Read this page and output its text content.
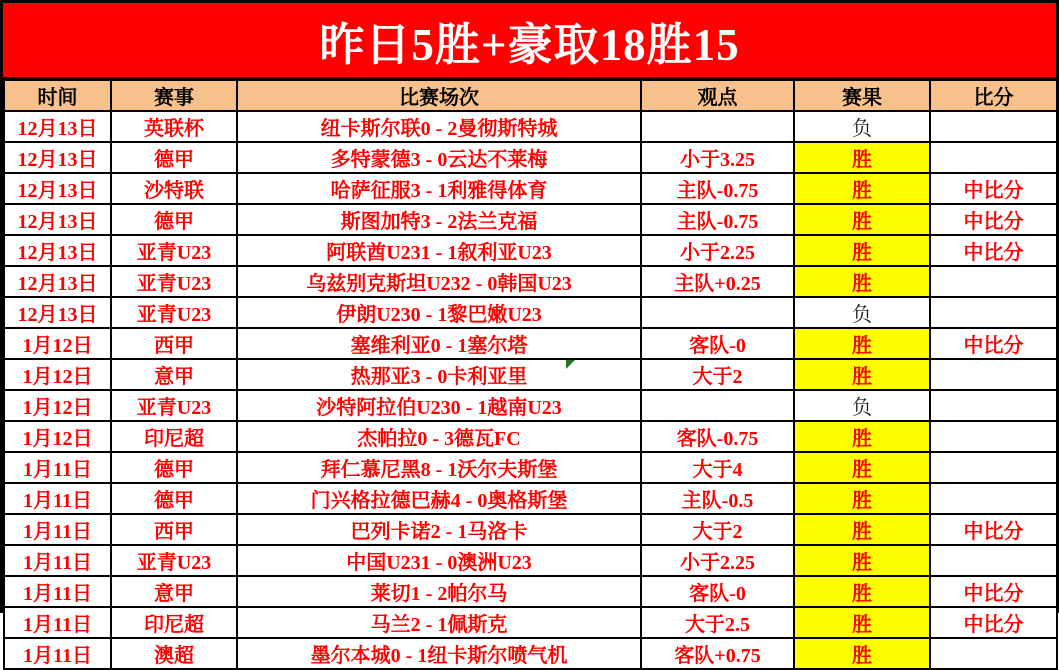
昨日5胜+豪取18胜15
时间	赛事	比赛场次	观点	赛果	比分
12月13日	英联杯	纽卡斯尔联0 - 2曼彻斯特城		负	
12月13日	德甲	多特蒙德3 - 0云达不莱梅	小于3.25	胜	
12月13日	沙特联	哈萨征服3 - 1利雅得体育	主队-0.75	胜	中比分
12月13日	德甲	斯图加特3 - 2法兰克福	主队-0.75	胜	中比分
12月13日	亚青U23	阿联酋U231 - 1叙利亚U23	小于2.25	胜	中比分
12月13日	亚青U23	乌兹别克斯坦U232 - 0韩国U23	主队+0.25	胜	
12月13日	亚青U23	伊朗U230 - 1黎巴嫩U23		负	
1月12日	西甲	塞维利亚0 - 1塞尔塔	客队-0	胜	中比分
1月12日	意甲	热那亚3 - 0卡利亚里	大于2	胜	
1月12日	亚青U23	沙特阿拉伯U230 - 1越南U23		负	
1月12日	印尼超	杰帕拉0 - 3德瓦FC	客队-0.75	胜	
1月11日	德甲	拜仁慕尼黑8 - 1沃尔夫斯堡	大于4	胜	
1月11日	德甲	门兴格拉德巴赫4 - 0奥格斯堡	主队-0.5	胜	
1月11日	西甲	巴列卡诺2 - 1马洛卡	大于2	胜	中比分
1月11日	亚青U23	中国U231 - 0澳洲U23	小于2.25	胜	
1月11日	意甲	莱切1 - 2帕尔马	客队-0	胜	中比分
1月11日	印尼超	马兰2 - 1佩斯克	大于2.5	胜	中比分
1月11日	澳超	墨尔本城0 - 1纽卡斯尔喷气机	客队+0.75	胜	
